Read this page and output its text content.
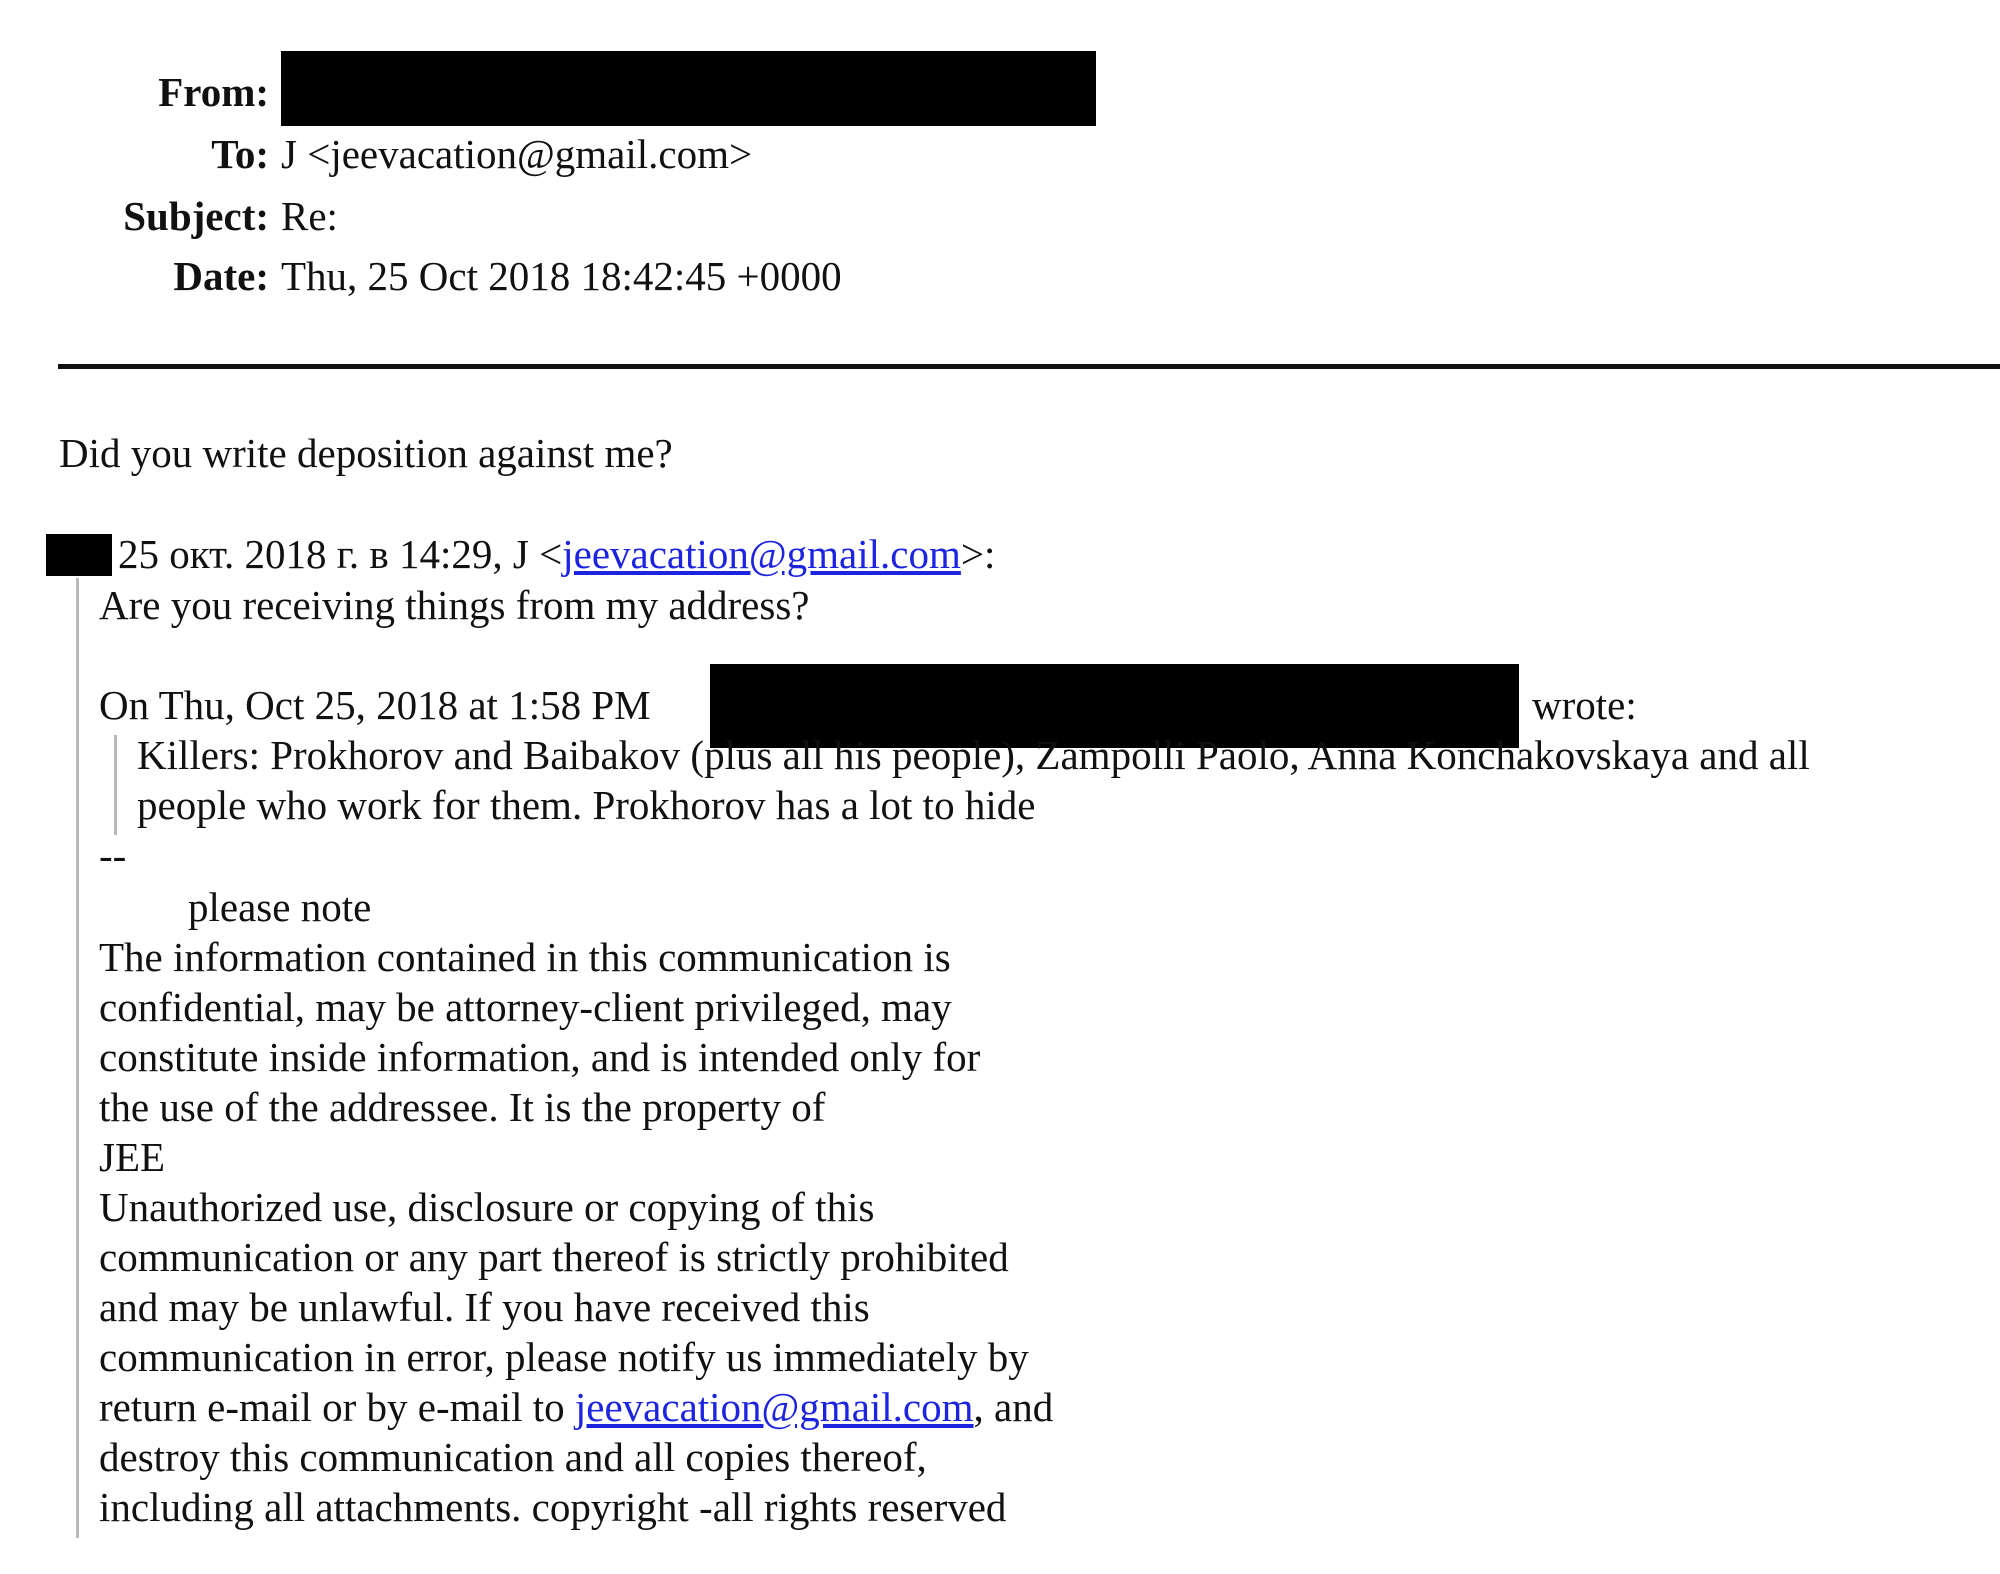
From:
To: J <jeevacation@gmail.com>
Subject: Re:
Date: Thu, 25 Oct 2018 18:42:45 +0000
Did you write deposition against me?
25 окт. 2018 г. в 14:29, J <jeevacation@gmail.com>:
Are you receiving things from my address?
On Thu, Oct 25, 2018 at 1:58 PM	wrote:
Killers: Prokhorov and Baibakov (plus all his people), Zampolli Paolo, Anna Konchakovskaya and all
people who work for them. Prokhorov has a lot to hide
--
please note
The information contained in this communication is
confidential, may be attorney-client privileged, may
constitute inside information, and is intended only for
the use of the addressee. It is the property of
JEE
Unauthorized use, disclosure or copying of this
communication or any part thereof is strictly prohibited
and may be unlawful. If you have received this
communication in error, please notify us immediately by
return e-mail or by e-mail to jeevacation@gmail.com, and
destroy this communication and all copies thereof,
including all attachments. copyright -all rights reserved
